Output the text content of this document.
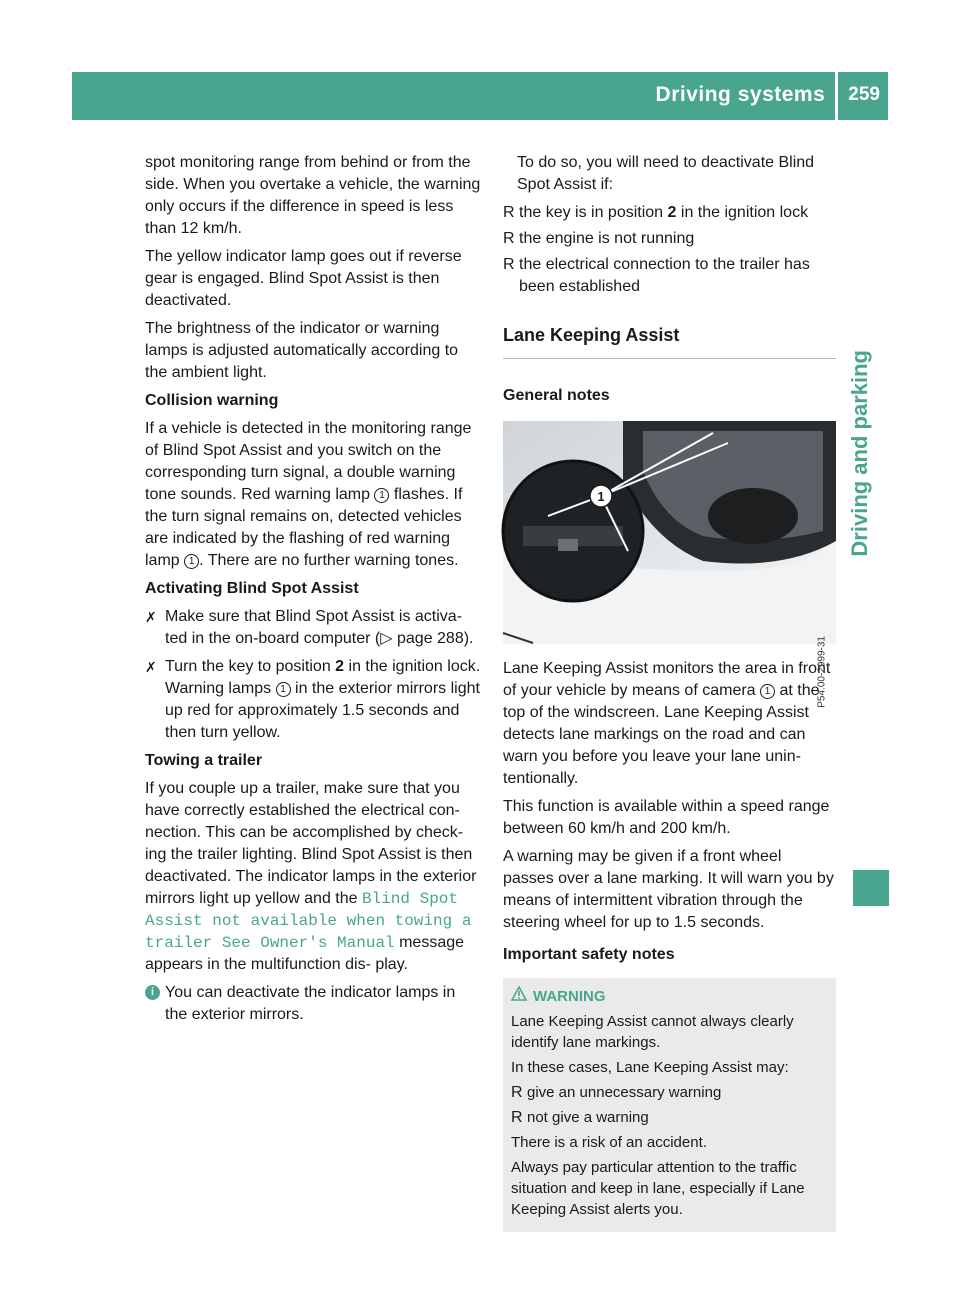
Driving systems	259
Driving and parking

spot monitoring range from behind or from the side. When you overtake a vehicle, the warning only occurs if the difference in speed is less than 12 km/h.

The yellow indicator lamp goes out if reverse gear is engaged. Blind Spot Assist is then deactivated.

The brightness of the indicator or warning lamps is adjusted automatically according to the ambient light.

Collision warning

If a vehicle is detected in the monitoring range of Blind Spot Assist and you switch on the corresponding turn signal, a double warning tone sounds. Red warning lamp 1 flashes. If the turn signal remains on, detected vehicles are indicated by the flashing of red warning lamp 1 . There are no further warning tones.

Activating Blind Spot Assist
✗ Make sure that Blind Spot Assist is activa- ted in the on-board computer (▷ page 288).
✗ Turn the key to position 2 in the ignition lock.
Warning lamps 1 in the exterior mirrors light up red for approximately 1.5 seconds and then turn yellow.
Towing a trailer

If you couple up a trailer, make sure that you have correctly established the electrical con- nection. This can be accomplished by check- ing the trailer lighting. Blind Spot Assist is then deactivated. The indicator lamps in the exterior mirrors light up yellow and the Blind Spot Assist not available when towing a trailer See Owner's Manual message appears in the multifunction dis- play.

i You can deactivate the indicator lamps in the exterior mirrors.

To do so, you will need to deactivate Blind Spot Assist if:

R the key is in position 2 in the ignition lock
R the engine is not running
R the electrical connection to the trailer has been established
Lane Keeping Assist
General notes
1
P54.00-2999-31

Lane Keeping Assist monitors the area in front of your vehicle by means of camera 1 at the top of the windscreen. Lane Keeping Assist detects lane markings on the road and can warn you before you leave your lane unin- tentionally.

This function is available within a speed range between 60 km/h and 200 km/h.

A warning may be given if a front wheel passes over a lane marking. It will warn you by means of intermittent vibration through the steering wheel for up to 1.5 seconds.

Important safety notes
WARNING

Lane Keeping Assist cannot always clearly identify lane markings.

In these cases, Lane Keeping Assist may:

R give an unnecessary warning
R not give a warning

There is a risk of an accident.

Always pay particular attention to the traffic situation and keep in lane, especially if Lane Keeping Assist alerts you.
